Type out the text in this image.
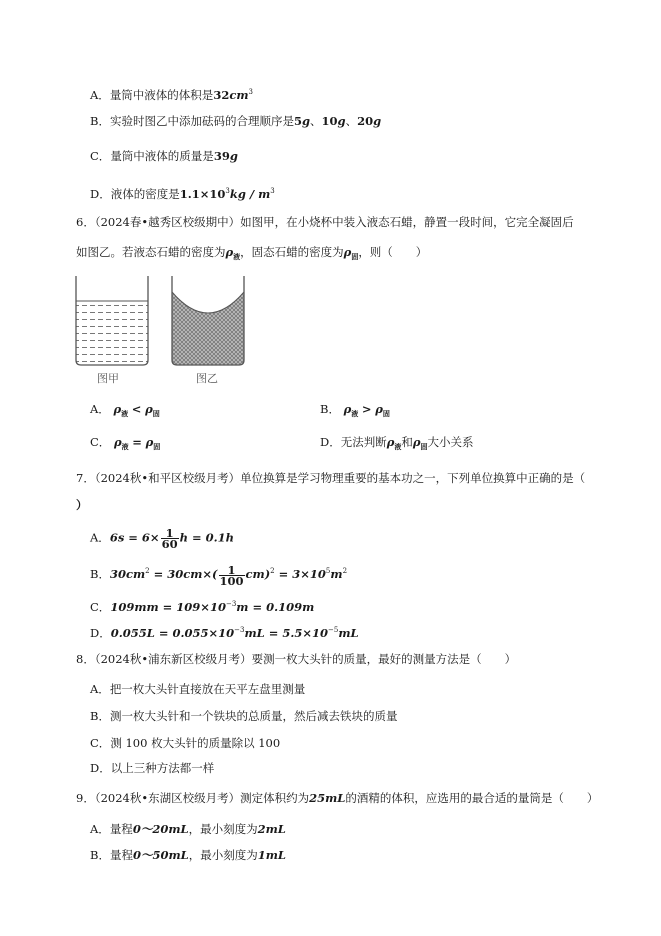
A．量筒中液体的体积是$32cm^3$
B．实验时图乙中添加砝码的合理顺序是5g、10g、20g
C．量筒中液体的质量是39g
D．液体的密度是$1.1\times 10^3kg / m^3$
6．（2024春•越秀区校级期中）如图甲，在小烧杯中装入液态石蜡，静置一段时间，它完全凝固后
如图乙。若液态石蜡的密度为$\rho_液$，固态石蜡的密度为$\rho_固$，则（　　）
图甲	图乙
A． $\rho_液 < \rho_固$	B． $\rho_液 > \rho_固$
C． $\rho_液 = \rho_固$	D．无法判断$\rho_液$和$\rho_固$大小关系
7．（2024秋•和平区校级月考）单位换算是学习物理重要的基本功之一，下列单位换算中正确的是（
）
A．$6s = 6\times \frac{1}{60}$ h = 0.1h
B．$30cm^2 = 30cm\times( \frac{1}{100} cm)^2 = 3\times 10^5m^2$
C．$109mm = 109\times 10^{-3}m = 0.109m$
D．$0.055L = 0.055\times 10^{-3}mL = 5.5\times 10^{-5}mL$
8．（2024秋•浦东新区校级月考）要测一枚大头针的质量，最好的测量方法是（　　）
A．把一枚大头针直接放在天平左盘里测量
B．测一枚大头针和一个铁块的总质量，然后减去铁块的质量
C．测 100 枚大头针的质量除以 100
D．以上三种方法都一样
9．（2024秋•东湖区校级月考）测定体积约为25mL的酒精的体积，应选用的最合适的量筒是（　　）
A．量程0～20mL，最小刻度为2mL
B．量程0～50mL，最小刻度为1mL
